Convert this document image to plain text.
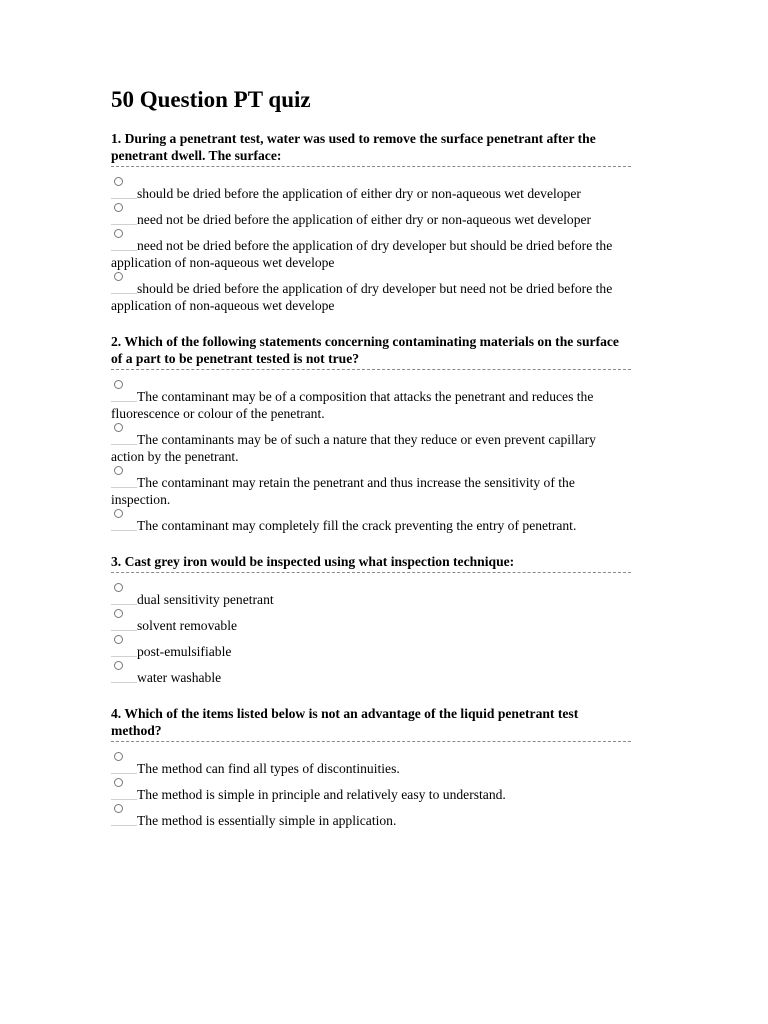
50 Question PT quiz
1. During a penetrant test, water was used to remove the surface penetrant after the penetrant dwell. The surface:
should be dried before the application of either dry or non-aqueous wet developer
need not be dried before the application of either dry or non-aqueous wet developer
need not be dried before the application of dry developer but should be dried before the application of non-aqueous wet develope
should be dried before the application of dry developer but need not be dried before the application of non-aqueous wet develope
2. Which of the following statements concerning contaminating materials on the surface of a part to be penetrant tested is not true?
The contaminant may be of a composition that attacks the penetrant and reduces the fluorescence or colour of the penetrant.
The contaminants may be of such a nature that they reduce or even prevent capillary action by the penetrant.
The contaminant may retain the penetrant and thus increase the sensitivity of the inspection.
The contaminant may completely fill the crack preventing the entry of penetrant.
3. Cast grey iron would be inspected using what inspection technique:
dual sensitivity penetrant
solvent removable
post-emulsifiable
water washable
4. Which of the items listed below is not an advantage of the liquid penetrant test method?
The method can find all types of discontinuities.
The method is simple in principle and relatively easy to understand.
The method is essentially simple in application.
